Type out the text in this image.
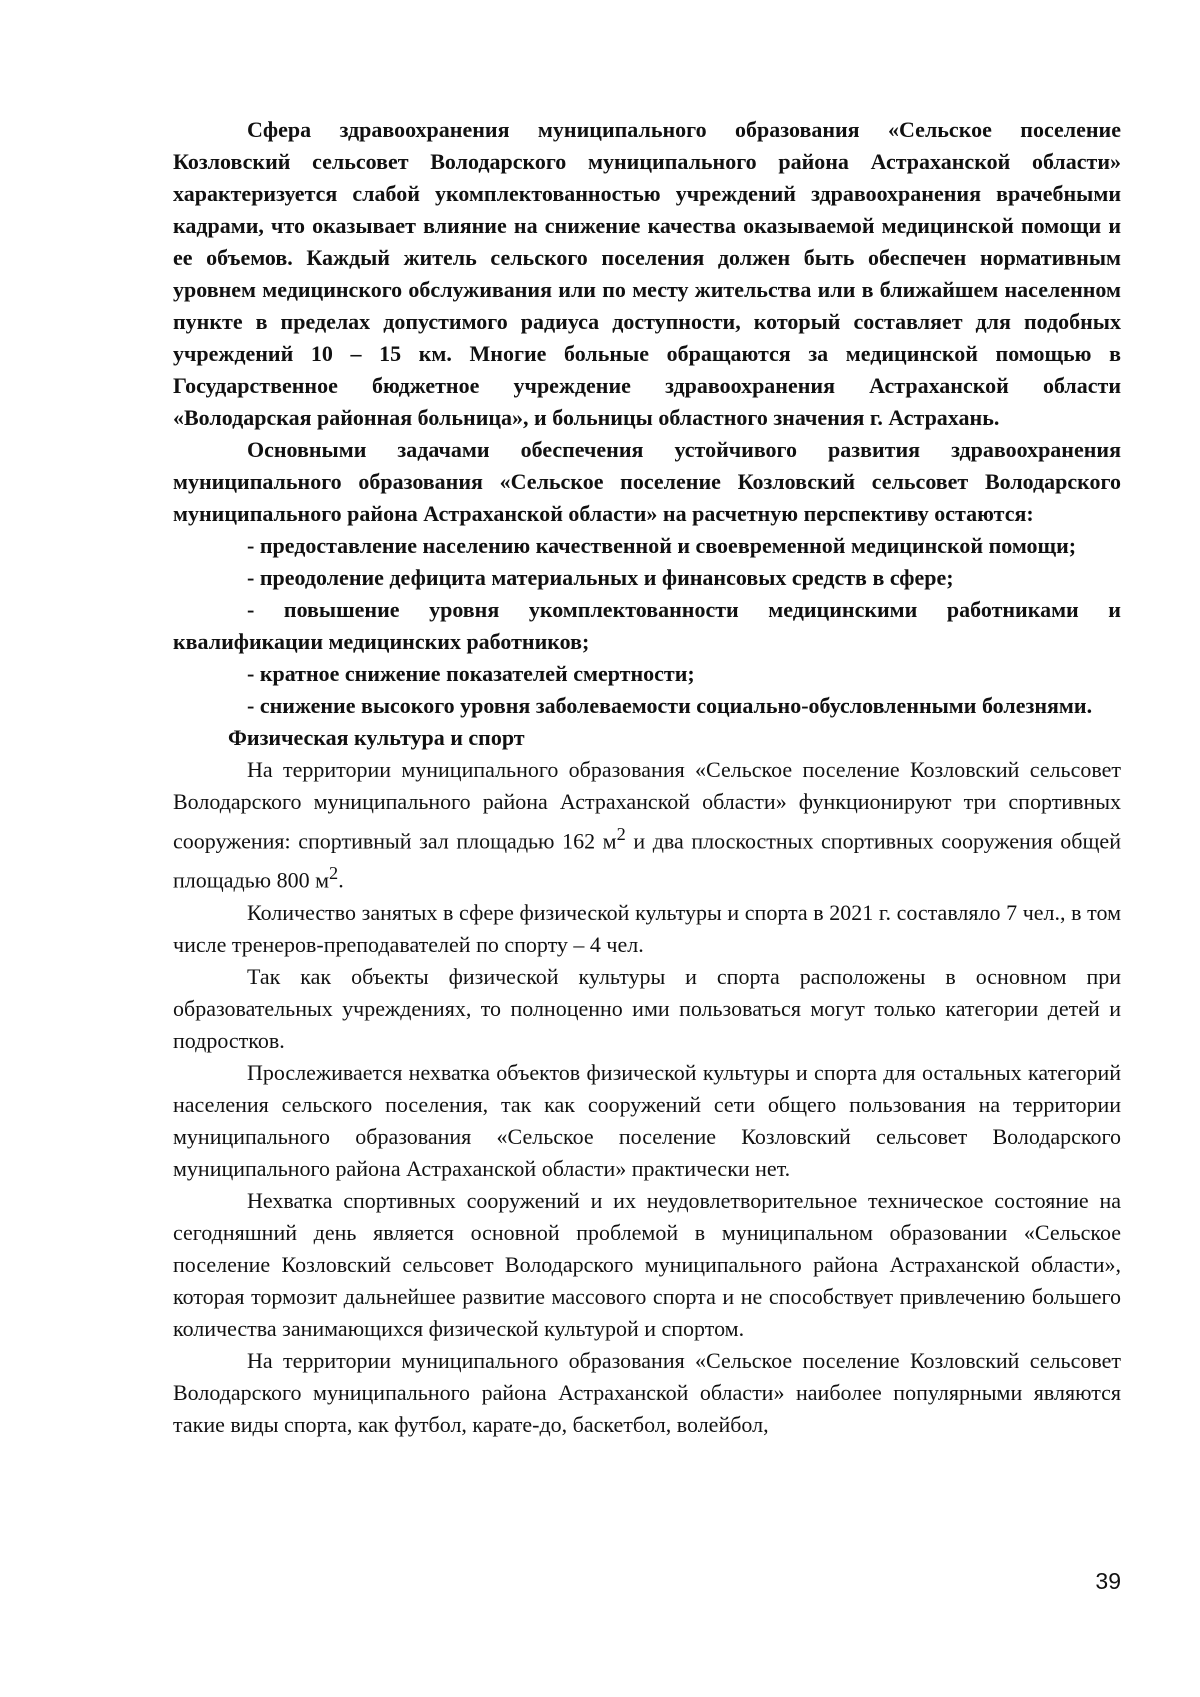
Сфера здравоохранения муниципального образования «Сельское поселение Козловский сельсовет Володарского муниципального района Астраханской области» характеризуется слабой укомплектованностью учреждений здравоохранения врачебными кадрами, что оказывает влияние на снижение качества оказываемой медицинской помощи и ее объемов. Каждый житель сельского поселения должен быть обеспечен нормативным уровнем медицинского обслуживания или по месту жительства или в ближайшем населенном пункте в пределах допустимого радиуса доступности, который составляет для подобных учреждений 10 – 15 км. Многие больные обращаются за медицинской помощью в Государственное бюджетное учреждение здравоохранения Астраханской области «Володарская районная больница», и больницы областного значения г. Астрахань.

Основными задачами обеспечения устойчивого развития здравоохранения муниципального образования «Сельское поселение Козловский сельсовет Володарского муниципального района Астраханской области» на расчетную перспективу остаются:

- предоставление населению качественной и своевременной медицинской помощи;

- преодоление дефицита материальных и финансовых средств в сфере;

- повышение уровня укомплектованности медицинскими работниками и квалификации медицинских работников;

- кратное снижение показателей смертности;

- снижение высокого уровня заболеваемости социально-обусловленными болезнями.

Физическая культура и спорт

На территории муниципального образования «Сельское поселение Козловский сельсовет Володарского муниципального района Астраханской области» функционируют три спортивных сооружения: спортивный зал площадью 162 $м^2$ и два плоскостных спортивных сооружения общей площадью 800 $м^2$.

Количество занятых в сфере физической культуры и спорта в 2021 г. составляло 7 чел., в том числе тренеров-преподавателей по спорту – 4 чел.

Так как объекты физической культуры и спорта расположены в основном при образовательных учреждениях, то полноценно ими пользоваться могут только категории детей и подростков.

Прослеживается нехватка объектов физической культуры и спорта для остальных категорий населения сельского поселения, так как сооружений сети общего пользования на территории муниципального образования «Сельское поселение Козловский сельсовет Володарского муниципального района Астраханской области» практически нет.

Нехватка спортивных сооружений и их неудовлетворительное техническое состояние на сегодняшний день является основной проблемой в муниципальном образовании «Сельское поселение Козловский сельсовет Володарского муниципального района Астраханской области», которая тормозит дальнейшее развитие массового спорта и не способствует привлечению большего количества занимающихся физической культурой и спортом.

На территории муниципального образования «Сельское поселение Козловский сельсовет Володарского муниципального района Астраханской области» наиболее популярными являются такие виды спорта, как футбол, карате-до, баскетбол, волейбол,

39
